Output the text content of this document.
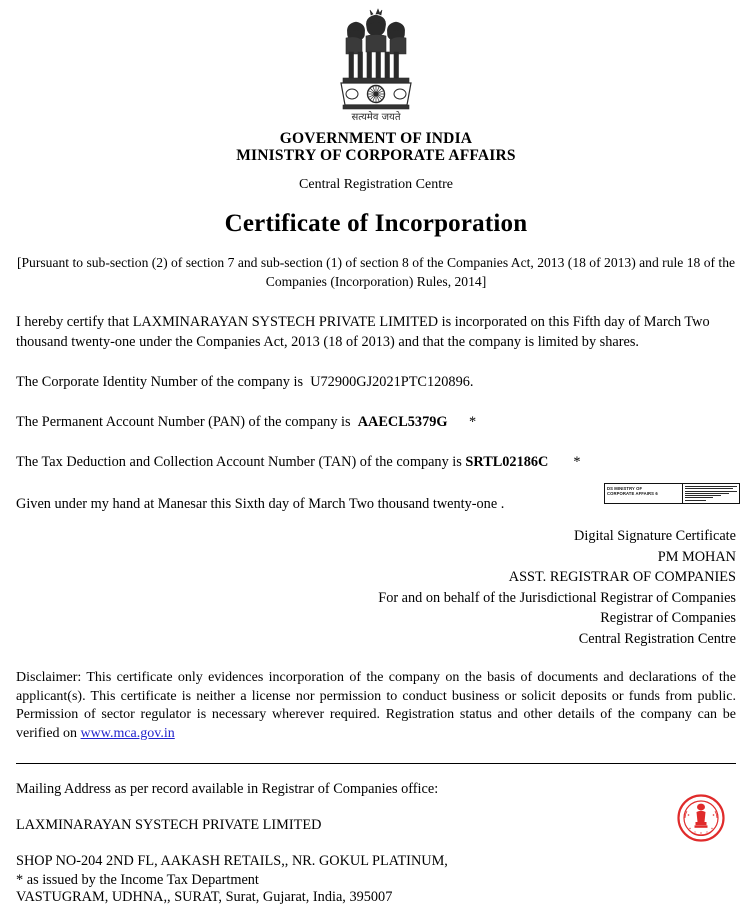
सत्यमेव जयते
GOVERNMENT OF INDIA
MINISTRY OF CORPORATE AFFAIRS
Central Registration Centre
Certificate of Incorporation
[Pursuant to sub-section (2) of section 7 and sub-section (1) of section 8 of the Companies Act, 2013 (18 of 2013) and rule 18 of the Companies (Incorporation) Rules, 2014]
I hereby certify that LAXMINARAYAN SYSTECH PRIVATE LIMITED is incorporated on this Fifth day of March Two thousand twenty-one under the Companies Act, 2013 (18 of 2013) and that the company is limited by shares.
The Corporate Identity Number of the company is  U72900GJ2021PTC120896.
The Permanent Account Number (PAN) of the company is  AAECL5379G *
The Tax Deduction and Collection Account Number (TAN) of the company is SRTL02186C *
Given under my hand at Manesar this Sixth day of March Two thousand twenty-one .
DS MINISTRY OF
CORPORATE AFFAIRS 6
Digital Signature Certificate
PM MOHAN
ASST. REGISTRAR OF COMPANIES
For and on behalf of the Jurisdictional Registrar of Companies
Registrar of Companies
Central Registration Centre
Disclaimer: This certificate only evidences incorporation of the company on the basis of documents and declarations of the applicant(s). This certificate is neither a license nor permission to conduct business or solicit deposits or funds from public. Permission of sector regulator is necessary wherever required. Registration status and other details of the company can be verified on www.mca.gov.in
Mailing Address as per record available in Registrar of Companies office:
LAXMINARAYAN SYSTECH PRIVATE LIMITED
SHOP NO-204 2ND FL, AAKASH RETAILS,, NR. GOKUL PLATINUM,
VASTUGRAM, UDHNA,, SURAT, Surat, Gujarat, India, 395007
* as issued by the Income Tax Department
